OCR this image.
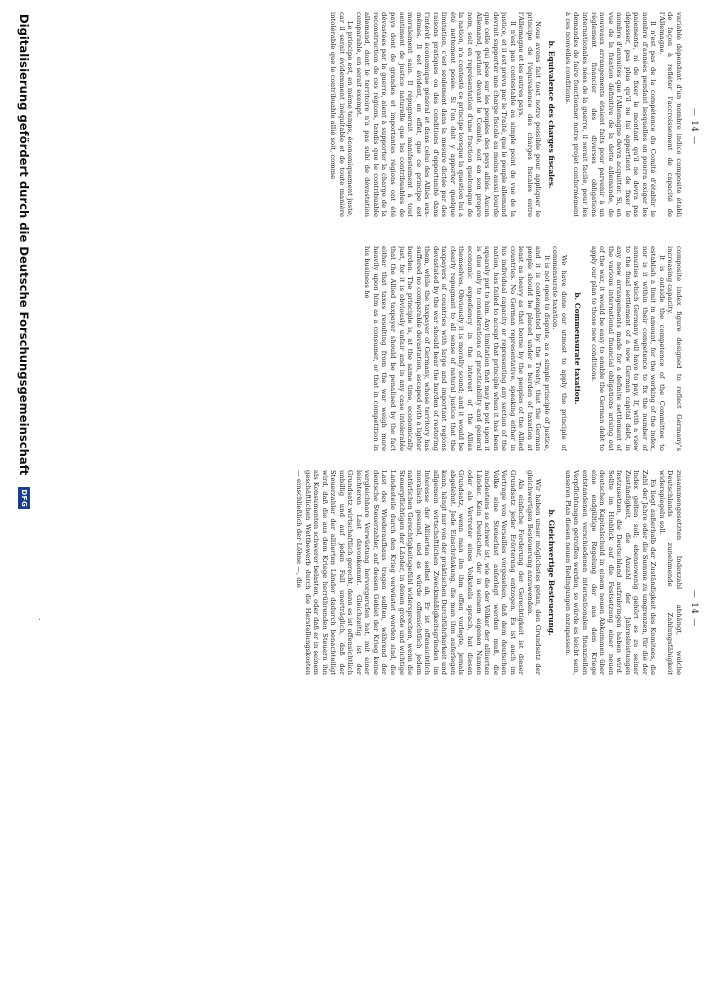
— 14 —
— 14 —

variable dépendant d'un nombre indice composite établi de façon à refléter l'accroissement de capacité de l'Allemagne.

Il n'est pas de la compétence du Comité d'établir le nombre d'années pendant lesquelles on pourra exiger les paiements, ni de fixer le montant qu'il ne devra pas dépasser, pas plus qu'il ne lui appartient de fixer le nombre d'annuités que l'Allemagne devra acquitter. Si, en vue de la fixation définitive de la dette allemande, de nouveaux arrangements étaient faits pour parvenir à un règlement financier des diverses obligations internationales nées de la guerre, il serait facile, pour les demandes de faire fonctionner notre projet conformément à ces nouvelles conditions.

b. Equivalence des charges fiscales.

Nous avons fait tout notre possible pour appliquer le principe de l'équivalence des charges fiscales entre l'Allemagne et les autres pays.

Il n'est pas contestable au simple point de vue de la justice, et il est prévu par le Traité, que le peuple allemand devrait supporter une charge fiscale au moins aussi lourde que celle qui pèse sur les peuples des pays alliés. Aucun Allemand, parlant devant le Comité, soit en son propre nom, soit en représentation d'une fraction quelconque de la nation, n'a contesté ce principe lorsque la question lui a été nettement posée. Si l'on doit y apporter quelque limitation, c'est seulement dans la mesure dictée par des raisons pratiques ou des conditions d'opportunité dans l'intérêt économique général et dans celui des Alliés eux-mêmes. Il est évident, en effet, que ce principe est moralement sain. Il répugnerait manifestement à tout sentiment de justice naturelle que les contribuables de pays dont de grandes et importantes régions ont été dévastées par la guerre, aient à supporter la charge de la reconstruction de ces régions, tandis que le contribuable allemand, dont le territoire n'a pas subi de dévastation comparable, en serait exempt.

Le principe est, en même temps, économiquement juste, car il serait évidemment inéquitable et de toute manière intolérable que le contribuable allié soit, comme

composite index figure designed to reflect Germany's increasing capacity.

It is outside the competence of the Committee to establish a limit in amount, for the working of the index, nor is it within their competence to fix the number of annuities which Germany will have to pay. If, with a view to the final settlement of a new German capital debt, in any new arrangements made for a definite settlement of the various international financial obligations arising out of the war, it would be easy to enable the German debt to apply our plan to those new conditions.

b. Commensurate taxation.

We have done our utmost to apply the principle of commensurate taxation.

It is not open to dispute, as a simple principle of justice, and it is contemplated by the Treaty, that the German people should be placed under a burden of taxation at least as heavy as that borne by the peoples of the Allied countries. No German representative, speaking either in his individual capacity or representing any section of the nation, has failed to accept that principle when it has been squarely put to him. Any limitation that may be put upon it is due only to considerations of practicability and general economic expediency in the interest of the Allies themselves. Obviously it is morally sound; and it would be clearly repugnant to all sense of natural justice that the taxpayers of countries with large and important regions devastated by the war should bear the burden of restoring them, while the taxpayer of Germany, whose territory has suffered no comparable devastation, escaped with a lighter burden. The principle is, at the same time, economically just, for it is obviously unfair and in any case intolerable that the Allied taxpayer should be penalised by the fact either that taxes resulting from the war weigh more heavily upon him as a consumer, or that in competition in his business he

zusammengesetzten Indexzahl abhängt, welche Deutschlands zunehmende Zahlungsfähigkeit widerspiegeln soll.

Es liegt außerhalb der Zuständigkeit des Komitees, die Zahl der Jahre oder die Summe zu umgrenzen, für die der Index gelten soll; ebensowenig gehört es zu seiner Zuständigkeit, die Anzahl der Jahresleistungen festzusetzen, die Deutschland aufzubringen haben wird. Sollte im Hinblick auf die Festsetzung einer neuen deutschen Kapitalschuld in einem neuen Abkommen über eine endgültige Regelung der aus dem Kriege entstandenen verschiedenen internationalen finanziellen Verpflichtungen getroffen werden, so würde es leicht sein, unseren Plan diesen neuen Bedingungen anzupassen.

b. Gleichwertige Besteuerung.

Wir haben unser möglichstes getan, den Grundsatz der gleichwertigen Besteuerung anzuwenden.

Als einfache Forderung der Gerechtigkeit ist dieser Grundsatz jeder Erörterung entzogen. Es ist auch im Vertrage von Versailles vorgesehen, daß dem deutschen Volke eine Steuerlast auferlegt werden muß, die mindestens so schwer ist, wie die der Völker der alliierten Länder. Kein Deutscher, der in seinem eigenen Namen oder als Vertreter eines Volksteils sprach, hat diesen Grundsatz, wenn man ihn ihm offen vorlegte, jemals abgelehnt. Jede Einschränkung, die man ihm auferlegen kann, hängt nur von der praktischen Durchführbarkeit und allgemein wirtschaftlichen Zweckmäßigkeitsgründen im Interesse der Alliierten selbst ab. Er ist offensichtlich moralisch gesund, und es würde offensichtlich jedem natürlichen Gerechtigkeitsgefühl widersprechen, wenn die Steuerpflichtigen der Länder, in denen große und wichtige Landesteile durch den Krieg verwüstet worden sind, die Last des Wiederaufbaus tragen sollten, während der deutsche Steuerzahler, auf dessen Gebiet der Krieg keine vergleichbare Verwüstung hervorgerufen hat, mit einer leichteren Last davonkommt. Gleichzeitig ist der Grundsatz wirtschaftlich gerecht, denn es ist offensichtlich unbillig und auf jeden Fall unerträglich, daß der Steuerzahler der alliierten Länder dadurch benachteiligt wird, daß die aus dem Kriege herrührenden Steuern ihn als Konsumenten schwerer belasten, oder daß er in seinem geschäftlichen Wettbewerb durch die Herstellungskosten — einschließlich der Löhne —, die

‚
Digitalisierung gefördert durch die Deutsche Forschungsgemeinschaft
DFG
